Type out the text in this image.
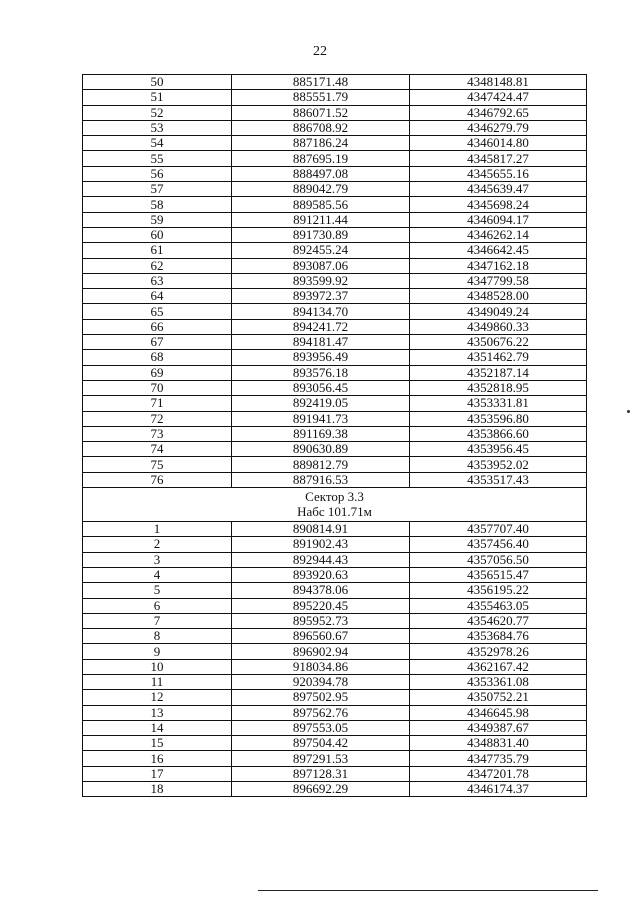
22
50	885171.48	4348148.81
51	885551.79	4347424.47
52	886071.52	4346792.65
53	886708.92	4346279.79
54	887186.24	4346014.80
55	887695.19	4345817.27
56	888497.08	4345655.16
57	889042.79	4345639.47
58	889585.56	4345698.24
59	891211.44	4346094.17
60	891730.89	4346262.14
61	892455.24	4346642.45
62	893087.06	4347162.18
63	893599.92	4347799.58
64	893972.37	4348528.00
65	894134.70	4349049.24
66	894241.72	4349860.33
67	894181.47	4350676.22
68	893956.49	4351462.79
69	893576.18	4352187.14
70	893056.45	4352818.95
71	892419.05	4353331.81
72	891941.73	4353596.80
73	891169.38	4353866.60
74	890630.89	4353956.45
75	889812.79	4353952.02
76	887916.53	4353517.43

Сектор 3.3
Набс 101.71м		

1	890814.91	4357707.40
2	891902.43	4357456.40
3	892944.43	4357056.50
4	893920.63	4356515.47
5	894378.06	4356195.22
6	895220.45	4355463.05
7	895952.73	4354620.77
8	896560.67	4353684.76
9	896902.94	4352978.26
10	918034.86	4362167.42
11	920394.78	4353361.08
12	897502.95	4350752.21
13	897562.76	4346645.98
14	897553.05	4349387.67
15	897504.42	4348831.40
16	897291.53	4347735.79
17	897128.31	4347201.78
18	896692.29	4346174.37
